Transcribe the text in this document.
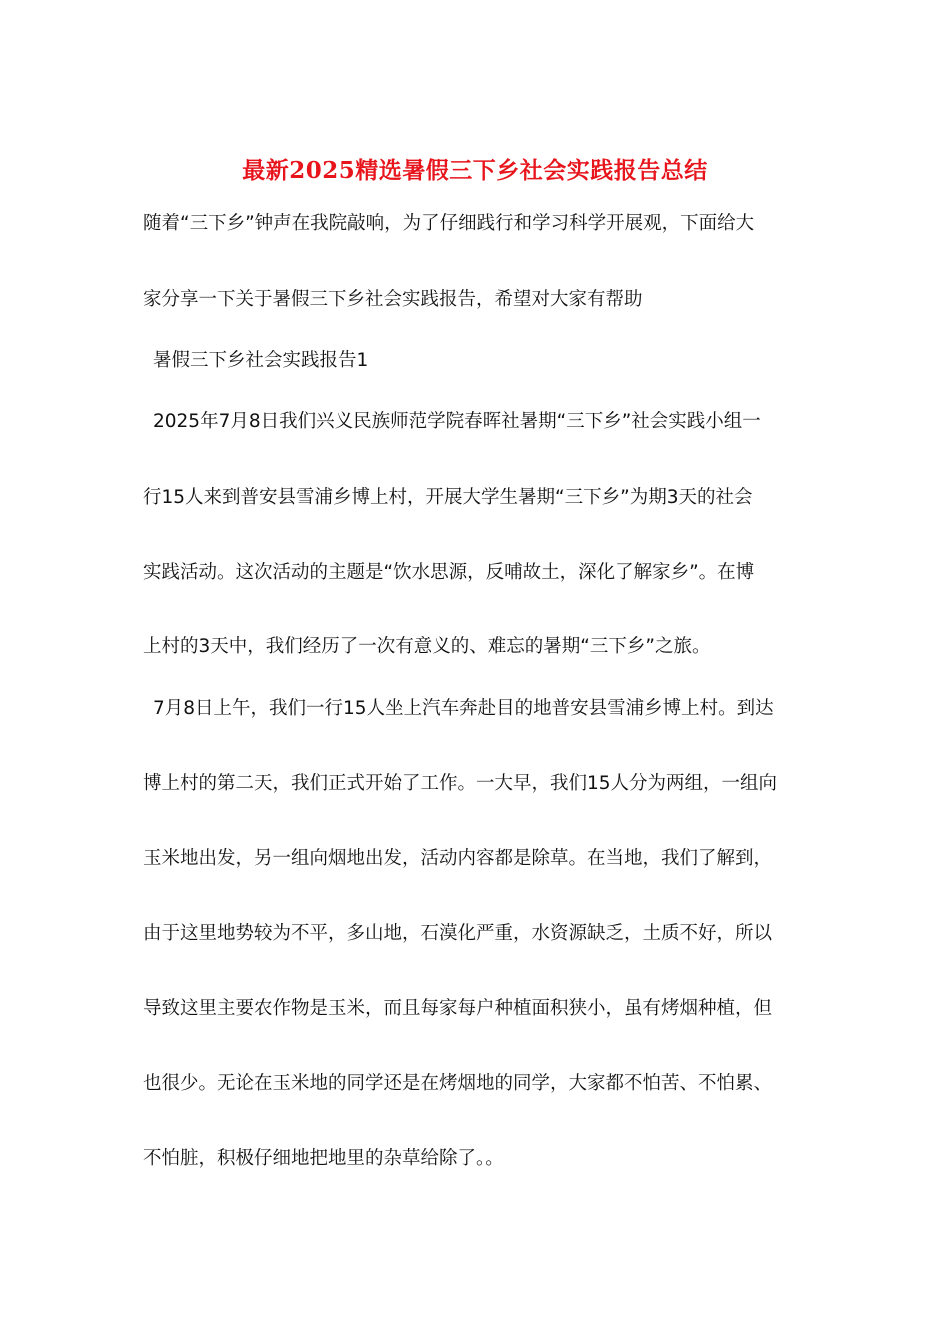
最新2025精选暑假三下乡社会实践报告总结
随着“三下乡”钟声在我院敲响，为了仔细践行和学习科学开展观，下面给大
家分享一下关于暑假三下乡社会实践报告，希望对大家有帮助
暑假三下乡社会实践报告1
2025年7月8日我们兴义民族师范学院春晖社暑期“三下乡”社会实践小组一
行15人来到普安县雪浦乡博上村，开展大学生暑期“三下乡”为期3天的社会
实践活动。这次活动的主题是“饮水思源，反哺故土，深化了解家乡”。在博
上村的3天中，我们经历了一次有意义的、难忘的暑期“三下乡”之旅。
7月8日上午，我们一行15人坐上汽车奔赴目的地普安县雪浦乡博上村。到达
博上村的第二天，我们正式开始了工作。一大早，我们15人分为两组，一组向
玉米地出发，另一组向烟地出发，活动内容都是除草。在当地，我们了解到，
由于这里地势较为不平，多山地，石漠化严重，水资源缺乏，土质不好，所以
导致这里主要农作物是玉米，而且每家每户种植面积狭小，虽有烤烟种植，但
也很少。无论在玉米地的同学还是在烤烟地的同学，大家都不怕苦、不怕累、
不怕脏，积极仔细地把地里的杂草给除了。。
